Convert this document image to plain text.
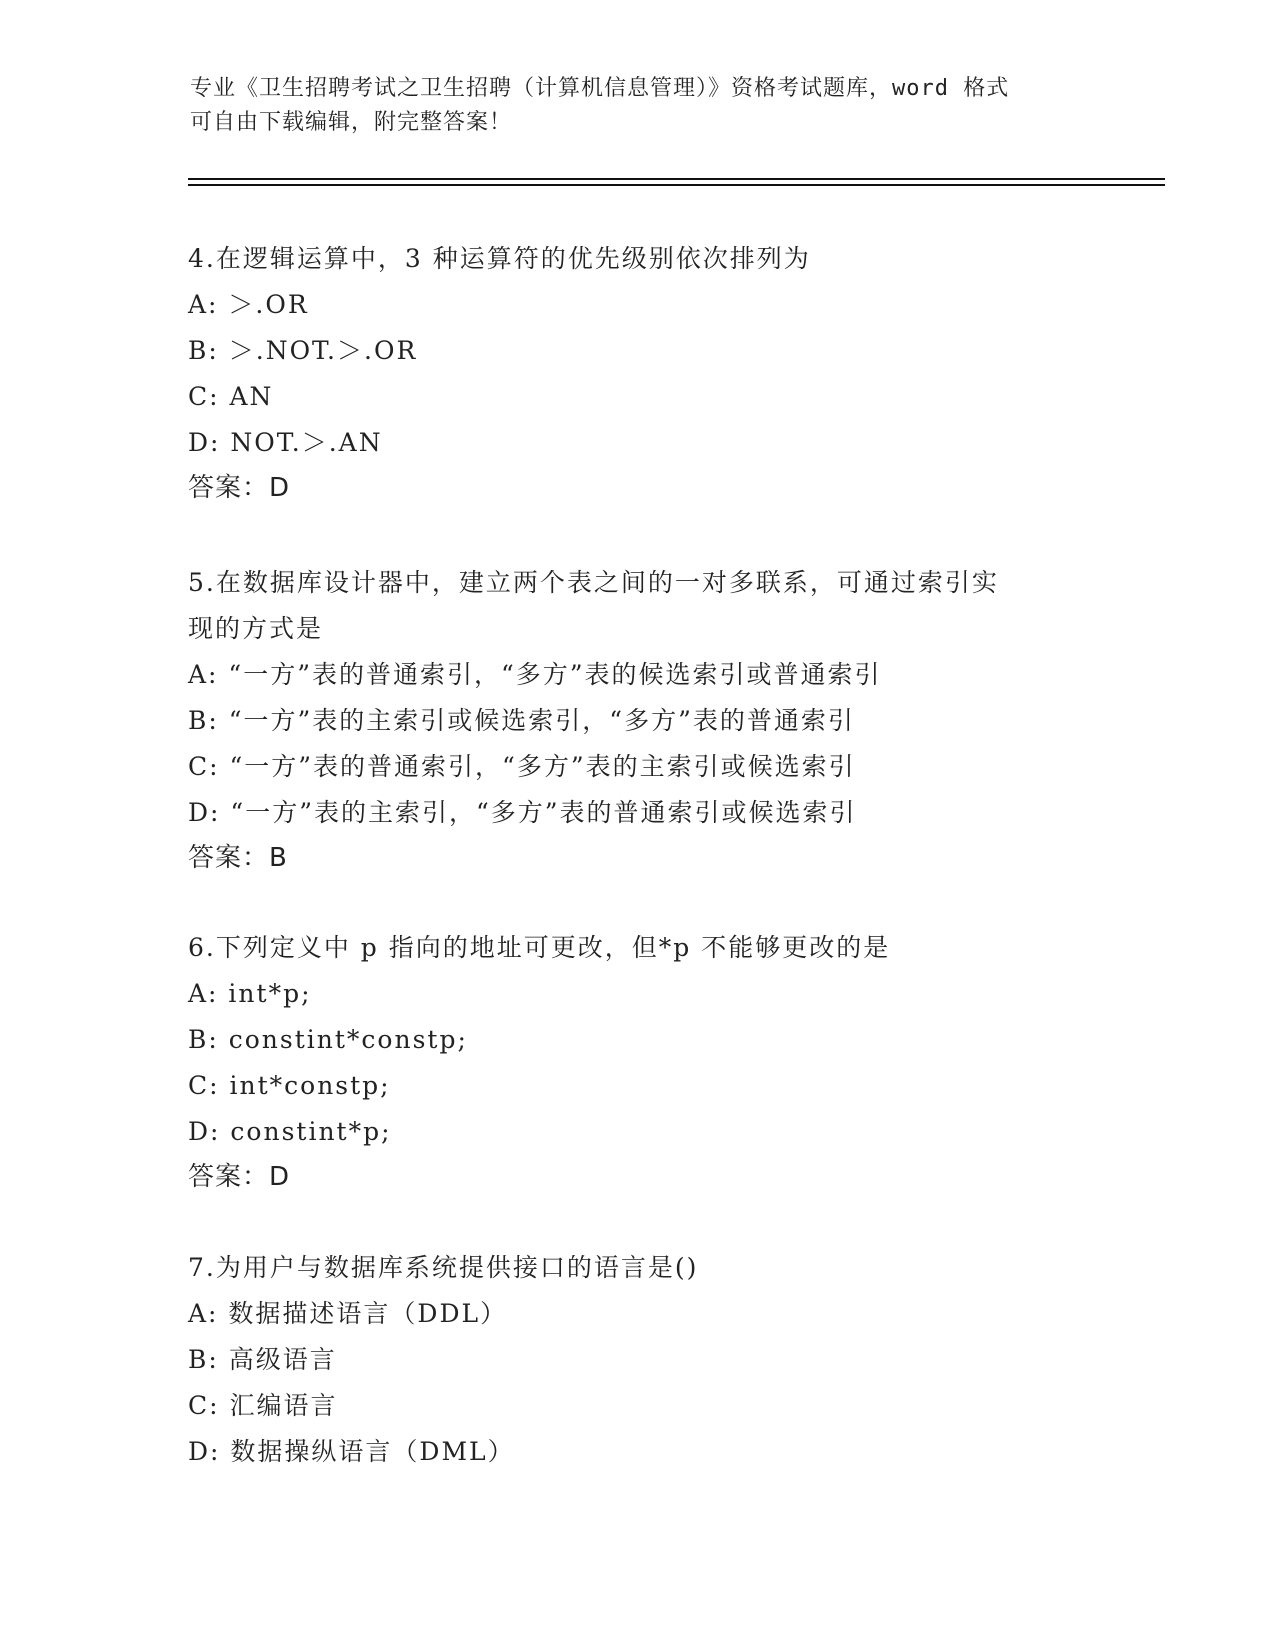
专业《卫生招聘考试之卫生招聘（计算机信息管理）》资格考试题库，word 格式
可自由下载编辑，附完整答案！

4.在逻辑运算中，3 种运算符的优先级别依次排列为

A: ＞.OR

B: ＞.NOT.＞.OR

C: AN

D: NOT.＞.AN

答案：D

5.在数据库设计器中，建立两个表之间的一对多联系，可通过索引实

现的方式是

A: “一方”表的普通索引，“多方”表的候选索引或普通索引

B: “一方”表的主索引或候选索引，“多方”表的普通索引

C: “一方”表的普通索引，“多方”表的主索引或候选索引

D: “一方”表的主索引，“多方”表的普通索引或候选索引

答案：B

6.下列定义中 p 指向的地址可更改，但*p 不能够更改的是

A: int*p;

B: constint*constp;

C: int*constp;

D: constint*p;

答案：D

7.为用户与数据库系统提供接口的语言是()

A: 数据描述语言（DDL）

B: 高级语言

C: 汇编语言

D: 数据操纵语言（DML）
